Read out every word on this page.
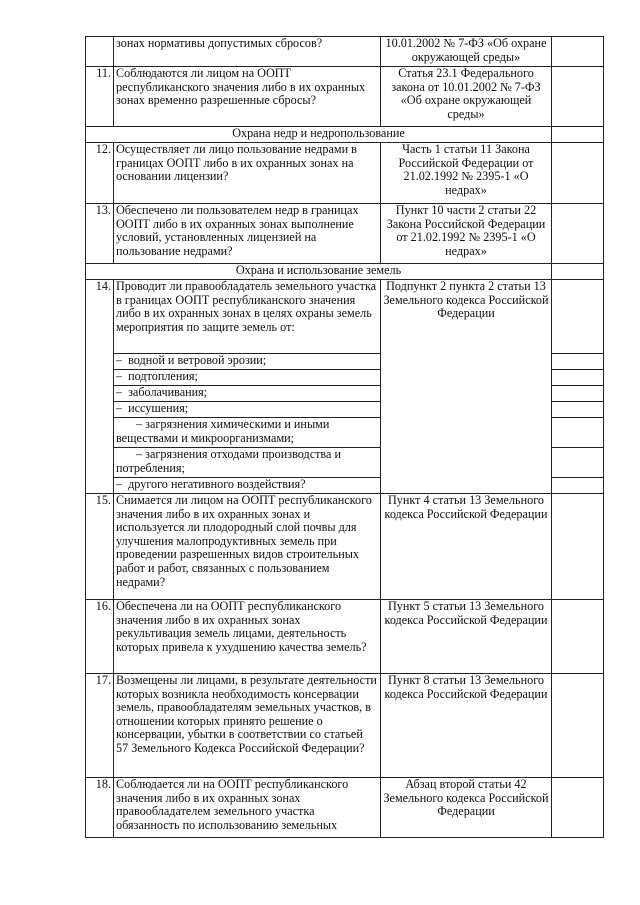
	зонах нормативы допустимых сбросов?	10.01.2002 № 7-ФЗ «Об охране окружающей среды»	
11.	Соблюдаются ли лицом на ООПТ республиканского значения либо в их охранных зонах временно разрешенные сбросы?	Статья 23.1 Федерального закона от 10.01.2002 № 7-ФЗ «Об охране окружающей среды»	
Охрана недр и недропользование			
12.	Осуществляет ли лицо пользование недрами в границах ООПТ либо в их охранных зонах на основании лицензии?	Часть 1 статьи 11 Закона Российской Федерации от 21.02.1992 № 2395-1 «О недрах»	
13.	Обеспечено ли пользователем недр в границах ООПТ либо в их охранных зонах выполнение условий, установленных лицензией на пользование недрами?	Пункт 10 части 2 статьи 22 Закона Российской Федерации от 21.02.1992 № 2395-1 «О недрах»	
Охрана и использование земель			
14.	Проводит ли правообладатель земельного участка в границах ООПТ республиканского значения либо в их охранных зонах в целях охраны земель мероприятия по защите земель от:	Подпункт 2 пункта 2 статьи 13 Земельного кодекса Российской Федерации	
	– водной и ветровой эрозии;		
	– подтопления;		
	– заболачивания;		
	– иссушения;		
	– загрязнения химическими и иными веществами и микроорганизмами;		
	– загрязнения отходами производства и потребления;		
	– другого негативного воздействия?		
15.	Снимается ли лицом на ООПТ республиканского значения либо в их охранных зонах и используется ли плодородный слой почвы для улучшения малопродуктивных земель при проведении разрешенных видов строительных работ и работ, связанных с пользованием недрами?	Пункт 4 статьи 13 Земельного кодекса Российской Федерации	
16.	Обеспечена ли на ООПТ республиканского значения либо в их охранных зонах рекультивация земель лицами, деятельность которых привела к ухудшению качества земель?	Пункт 5 статьи 13 Земельного кодекса Российской Федерации	
17.	Возмещены ли лицами, в результате деятельности которых возникла необходимость консервации земель, правообладателям земельных участков, в отношении которых принято решение о консервации, убытки в соответствии со статьей 57 Земельного Кодекса Российской Федерации?	Пункт 8 статьи 13 Земельного кодекса Российской Федерации	
18.	Соблюдается ли на ООПТ республиканского значения либо в их охранных зонах правообладателем земельного участка обязанность по использованию земельных	Абзац второй статьи 42 Земельного кодекса Российской Федерации	
